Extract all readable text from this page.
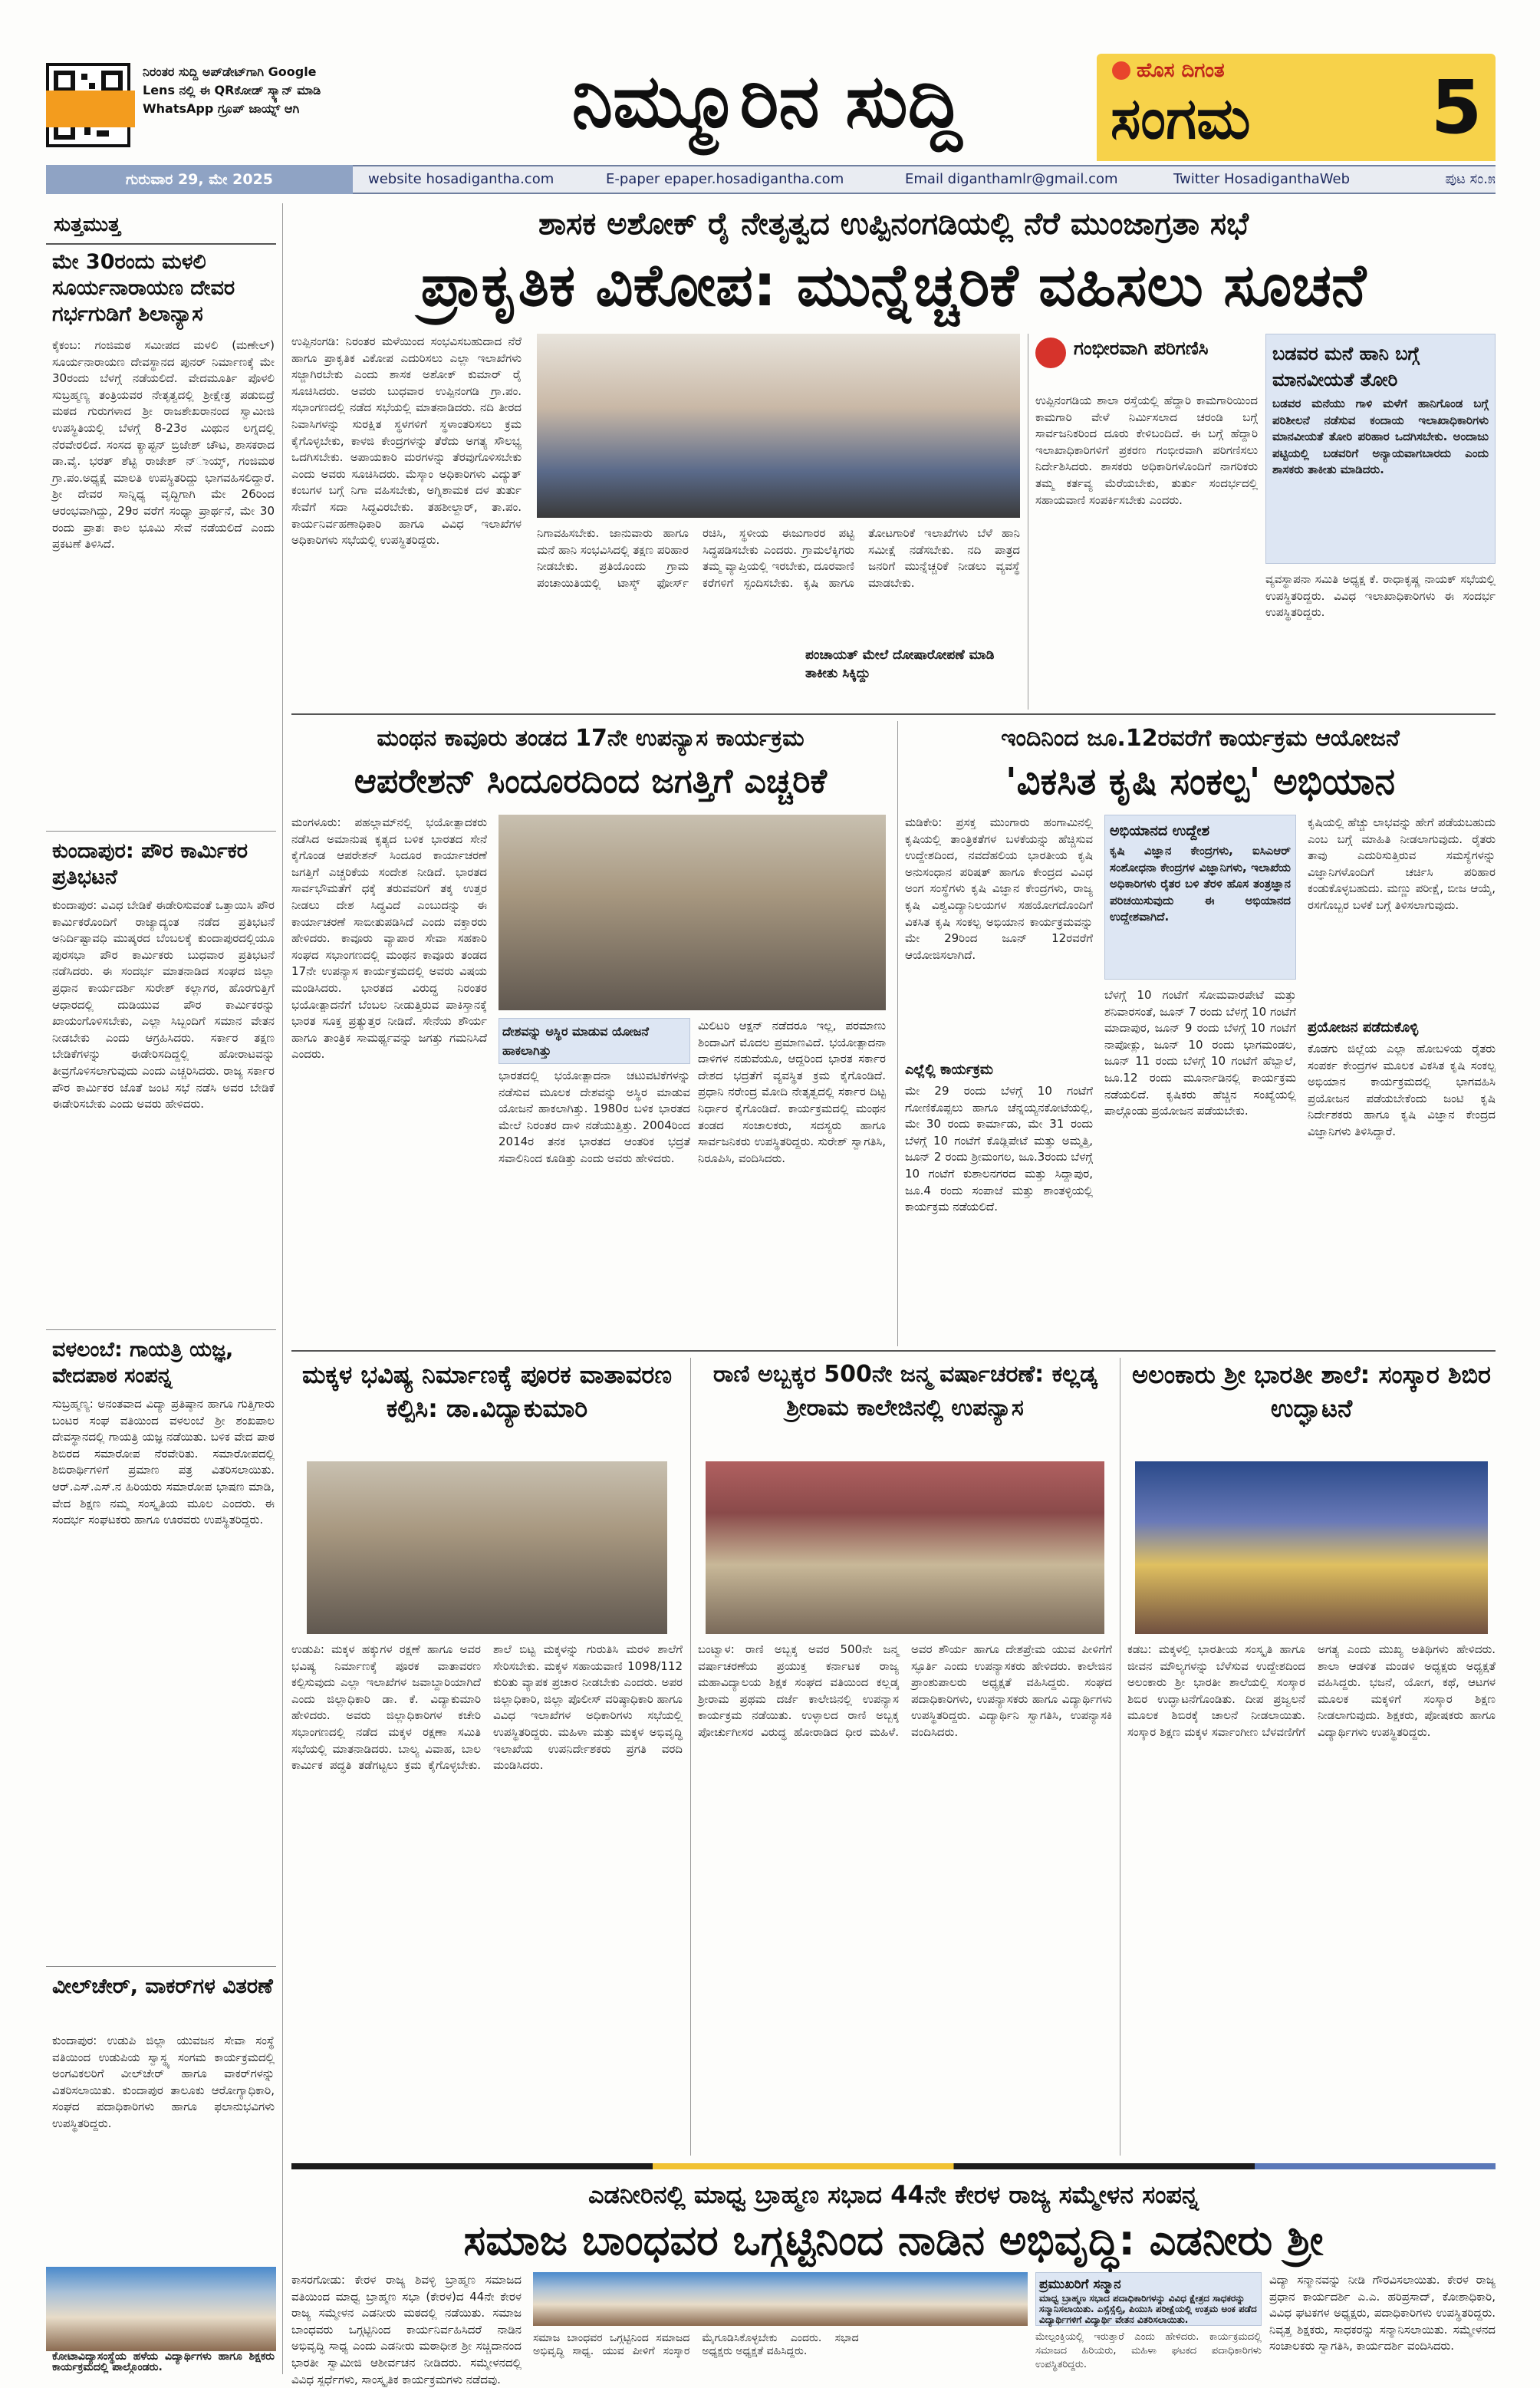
ನಿರಂತರ ಸುದ್ದಿ ಅಪ್‌ಡೇಟ್‌ಗಾಗಿ Google Lens ನಲ್ಲಿ ಈ QRಕೋಡ್ ಸ್ಕ್ಯಾನ್ ಮಾಡಿ WhatsApp ಗ್ರೂಪ್ ಜಾಯ್ನ್ ಆಗಿ	ನಿಮ್ಮೂರಿನ ಸುದ್ದಿ	ಹೊಸ ದಿಗಂತ
ಸಂಗಮ	5
ಗುರುವಾರ 29, ಮೇ 2025	website hosadigantha.com	E-paper epaper.hosadigantha.com	Email diganthamlr@gmail.com	Twitter HosadiganthaWeb	ಪುಟ ಸಂ.೫
ಸುತ್ತಮುತ್ತ
ಮೇ 30ರಂದು ಮಳಲಿ ಸೂರ್ಯನಾರಾಯಣ ದೇವರ ಗರ್ಭಗುಡಿಗೆ ಶಿಲಾನ್ಯಾಸ
ಕೈಕಂಬ: ಗಂಜಿಮಠ ಸಮೀಪದ ಮಳಲಿ (ಮಣೇಲ್) ಸೂರ್ಯನಾರಾಯಣ ದೇವಸ್ಥಾನದ ಪುನರ್ ನಿರ್ಮಾಣಕ್ಕೆ ಮೇ 30ರಂದು ಬೆಳಗ್ಗೆ ನಡೆಯಲಿದೆ. ವೇದಮೂರ್ತಿ ಪೊಳಲಿ ಸುಬ್ರಹ್ಮಣ್ಯ ತಂತ್ರಿಯವರ ನೇತೃತ್ವದಲ್ಲಿ ಶ್ರೀಕ್ಷೇತ್ರ ಪಡುಬಿದ್ರೆ ಮಠದ ಗುರುಗಳಾದ ಶ್ರೀ ರಾಜಶೇಖರಾನಂದ ಸ್ವಾಮೀಜಿ ಉಪಸ್ಥಿತಿಯಲ್ಲಿ ಬೆಳಗ್ಗೆ 8-23ರ ಮಿಥುನ ಲಗ್ನದಲ್ಲಿ ನೆರವೇರಲಿದೆ. ಸಂಸದ ಕ್ಯಾಪ್ಟನ್ ಬ್ರಿಜೇಶ್ ಚೌಟ, ಶಾಸಕರಾದ ಡಾ.ವೈ. ಭರತ್ ಶೆಟ್ಟಿ ರಾಜೇಶ್ ನ್ಾಯ್ಕ್, ಗಂಜಿಮಠ ಗ್ರಾ.ಪಂ.ಅಧ್ಯಕ್ಷೆ ಮಾಲತಿ ಉಪಸ್ಥಿತರಿದ್ದು ಭಾಗವಹಿಸಲಿದ್ದಾರೆ. ಶ್ರೀ ದೇವರ ಸಾನ್ನಿಧ್ಯ ವೃದ್ಧಿಗಾಗಿ ಮೇ 26ರಿಂದ ಆರಂಭವಾಗಿದ್ದು, 29ರ ವರೆಗೆ ಸಂಧ್ಯಾ ಪ್ರಾರ್ಥನೆ, ಮೇ 30 ರಂದು ಪ್ರಾತಃ ಕಾಲ ಭೂಮಿ ಸೇವೆ ನಡೆಯಲಿದೆ ಎಂದು ಪ್ರಕಟಣೆ ತಿಳಿಸಿದೆ.
ಕುಂದಾಪುರ: ಪೌರ ಕಾರ್ಮಿಕರ ಪ್ರತಿಭಟನೆ
ಕುಂದಾಪುರ: ವಿವಿಧ ಬೇಡಿಕೆ ಈಡೇರಿಸುವಂತೆ ಒತ್ತಾಯಿಸಿ ಪೌರ ಕಾರ್ಮಿಕರೊಂದಿಗೆ ರಾಜ್ಯಾದ್ಯಂತ ನಡೆದ ಪ್ರತಿಭಟನೆ ಅನಿರ್ದಿಷ್ಟಾವಧಿ ಮುಷ್ಕರದ ಬೆಂಬಲಕ್ಕೆ ಕುಂದಾಪುರದಲ್ಲಿಯೂ ಪುರಸಭಾ ಪೌರ ಕಾರ್ಮಿಕರು ಬುಧವಾರ ಪ್ರತಿಭಟನೆ ನಡೆಸಿದರು. ಈ ಸಂದರ್ಭ ಮಾತನಾಡಿದ ಸಂಘದ ಜಿಲ್ಲಾ ಪ್ರಧಾನ ಕಾರ್ಯದರ್ಶಿ ಸುರೇಶ್ ಕಲ್ಲಾಗರ, ಹೊರಗುತ್ತಿಗೆ ಆಧಾರದಲ್ಲಿ ದುಡಿಯುವ ಪೌರ ಕಾರ್ಮಿಕರನ್ನು ಖಾಯಂಗೊಳಿಸಬೇಕು, ಎಲ್ಲಾ ಸಿಬ್ಬಂದಿಗೆ ಸಮಾನ ವೇತನ ನೀಡಬೇಕು ಎಂದು ಆಗ್ರಹಿಸಿದರು. ಸರ್ಕಾರ ತಕ್ಷಣ ಬೇಡಿಕೆಗಳನ್ನು ಈಡೇರಿಸದಿದ್ದಲ್ಲಿ ಹೋರಾಟವನ್ನು ತೀವ್ರಗೊಳಿಸಲಾಗುವುದು ಎಂದು ಎಚ್ಚರಿಸಿದರು. ರಾಜ್ಯ ಸರ್ಕಾರ ಪೌರ ಕಾರ್ಮಿಕರ ಜೊತೆ ಜಂಟಿ ಸಭೆ ನಡೆಸಿ ಅವರ ಬೇಡಿಕೆ ಈಡೇರಿಸಬೇಕು ಎಂದು ಅವರು ಹೇಳಿದರು.
ವಳಲಂಬೆ: ಗಾಯತ್ರಿ ಯಜ್ಞ, ವೇದಪಾಠ ಸಂಪನ್ನ
ಸುಬ್ರಹ್ಮಣ್ಯ: ಅನಂತವಾದ ವಿದ್ಯಾ ಪ್ರತಿಷ್ಠಾನ ಹಾಗೂ ಗುತ್ತಿಗಾರು ಬಂಟರ ಸಂಘ ವತಿಯಿಂದ ವಳಲಂಬೆ ಶ್ರೀ ಶಂಖಪಾಲ ದೇವಸ್ಥಾನದಲ್ಲಿ ಗಾಯತ್ರಿ ಯಜ್ಞ ನಡೆಯಿತು. ಬಳಿಕ ವೇದ ಪಾಠ ಶಿಬಿರದ ಸಮಾರೋಪ ನೆರವೇರಿತು. ಸಮಾರೋಪದಲ್ಲಿ ಶಿಬಿರಾರ್ಥಿಗಳಿಗೆ ಪ್ರಮಾಣ ಪತ್ರ ವಿತರಿಸಲಾಯಿತು. ಆರ್.ಎಸ್.ಎಸ್.ನ ಹಿರಿಯರು ಸಮಾರೋಪ ಭಾಷಣ ಮಾಡಿ, ವೇದ ಶಿಕ್ಷಣ ನಮ್ಮ ಸಂಸ್ಕೃತಿಯ ಮೂಲ ಎಂದರು. ಈ ಸಂದರ್ಭ ಸಂಘಟಕರು ಹಾಗೂ ಊರವರು ಉಪಸ್ಥಿತರಿದ್ದರು.
ವೀಲ್‌ಚೇರ್, ವಾಕರ್‌ಗಳ ವಿತರಣೆ
ಕುಂದಾಪುರ: ಉಡುಪಿ ಜಿಲ್ಲಾ ಯುವಜನ ಸೇವಾ ಸಂಸ್ಥೆ ವತಿಯಿಂದ ಉಡುಪಿಯ ಸ್ವಾಸ್ಥ್ಯ ಸಂಗಮ ಕಾರ್ಯಕ್ರಮದಲ್ಲಿ ಅಂಗವಿಕಲರಿಗೆ ವೀಲ್‌ಚೇರ್ ಹಾಗೂ ವಾಕರ್‌ಗಳನ್ನು ವಿತರಿಸಲಾಯಿತು. ಕುಂದಾಪುರ ತಾಲೂಕು ಆರೋಗ್ಯಾಧಿಕಾರಿ, ಸಂಘದ ಪದಾಧಿಕಾರಿಗಳು ಹಾಗೂ ಫಲಾನುಭವಿಗಳು ಉಪಸ್ಥಿತರಿದ್ದರು.
ಕೋಟಾವಿದ್ಯಾಸಂಸ್ಥೆಯ ಹಳೆಯ ವಿದ್ಯಾರ್ಥಿಗಳು ಹಾಗೂ ಶಿಕ್ಷಕರು ಕಾರ್ಯಕ್ರಮದಲ್ಲಿ ಪಾಲ್ಗೊಂಡರು.
ಶಾಸಕ ಅಶೋಕ್ ರೈ ನೇತೃತ್ವದ ಉಪ್ಪಿನಂಗಡಿಯಲ್ಲಿ ನೆರೆ ಮುಂಜಾಗ್ರತಾ ಸಭೆ
ಪ್ರಾಕೃತಿಕ ವಿಕೋಪ: ಮುನ್ನೆಚ್ಚರಿಕೆ ವಹಿಸಲು ಸೂಚನೆ
ಉಪ್ಪಿನಂಗಡಿ: ನಿರಂತರ ಮಳೆಯಿಂದ ಸಂಭವಿಸಬಹುದಾದ ನೆರೆ ಹಾಗೂ ಪ್ರಾಕೃತಿಕ ವಿಕೋಪ ಎದುರಿಸಲು ಎಲ್ಲಾ ಇಲಾಖೆಗಳು ಸಜ್ಜಾಗಿರಬೇಕು ಎಂದು ಶಾಸಕ ಅಶೋಕ್ ಕುಮಾರ್ ರೈ ಸೂಚಿಸಿದರು. ಅವರು ಬುಧವಾರ ಉಪ್ಪಿನಂಗಡಿ ಗ್ರಾ.ಪಂ. ಸಭಾಂಗಣದಲ್ಲಿ ನಡೆದ ಸಭೆಯಲ್ಲಿ ಮಾತನಾಡಿದರು. ನದಿ ತೀರದ ನಿವಾಸಿಗಳನ್ನು ಸುರಕ್ಷಿತ ಸ್ಥಳಗಳಿಗೆ ಸ್ಥಳಾಂತರಿಸಲು ಕ್ರಮ ಕೈಗೊಳ್ಳಬೇಕು, ಕಾಳಜಿ ಕೇಂದ್ರಗಳನ್ನು ತೆರೆದು ಅಗತ್ಯ ಸೌಲಭ್ಯ ಒದಗಿಸಬೇಕು. ಅಪಾಯಕಾರಿ ಮರಗಳನ್ನು ತೆರವುಗೊಳಿಸಬೇಕು ಎಂದು ಅವರು ಸೂಚಿಸಿದರು. ಮೆಸ್ಕಾಂ ಅಧಿಕಾರಿಗಳು ವಿದ್ಯುತ್ ಕಂಬಗಳ ಬಗ್ಗೆ ನಿಗಾ ವಹಿಸಬೇಕು, ಅಗ್ನಿಶಾಮಕ ದಳ ತುರ್ತು ಸೇವೆಗೆ ಸದಾ ಸಿದ್ಧವಿರಬೇಕು. ತಹಶೀಲ್ದಾರ್, ತಾ.ಪಂ. ಕಾರ್ಯನಿರ್ವಹಣಾಧಿಕಾರಿ ಹಾಗೂ ವಿವಿಧ ಇಲಾಖೆಗಳ ಅಧಿಕಾರಿಗಳು ಸಭೆಯಲ್ಲಿ ಉಪಸ್ಥಿತರಿದ್ದರು.
ನಿಗಾವಹಿಸಬೇಕು. ಜಾನುವಾರು ಹಾಗೂ ಮನೆ ಹಾನಿ ಸಂಭವಿಸಿದಲ್ಲಿ ತಕ್ಷಣ ಪರಿಹಾರ ನೀಡಬೇಕು. ಪ್ರತಿಯೊಂದು ಗ್ರಾಮ ಪಂಚಾಯಿತಿಯಲ್ಲಿ ಟಾಸ್ಕ್ ಫೋರ್ಸ್ ರಚಿಸಿ, ಸ್ಥಳೀಯ ಈಜುಗಾರರ ಪಟ್ಟಿ ಸಿದ್ಧಪಡಿಸಬೇಕು ಎಂದರು. ಗ್ರಾಮಲೆಕ್ಕಿಗರು ತಮ್ಮ ವ್ಯಾಪ್ತಿಯಲ್ಲಿ ಇರಬೇಕು, ದೂರವಾಣಿ ಕರೆಗಳಿಗೆ ಸ್ಪಂದಿಸಬೇಕು. ಕೃಷಿ ಹಾಗೂ ತೋಟಗಾರಿಕೆ ಇಲಾಖೆಗಳು ಬೆಳೆ ಹಾನಿ ಸಮೀಕ್ಷೆ ನಡೆಸಬೇಕು. ನದಿ ಪಾತ್ರದ ಜನರಿಗೆ ಮುನ್ನೆಚ್ಚರಿಕೆ ನೀಡಲು ವ್ಯವಸ್ಥೆ ಮಾಡಬೇಕು.
ಪಂಚಾಯತ್ ಮೇಲೆ ದೋಷಾರೋಪಣೆ ಮಾಡಿ ತಾಕೀತು ಸಿಕ್ಕಿದ್ದು
ಗಂಭೀರವಾಗಿ ಪರಿಗಣಿಸಿ
ಉಪ್ಪಿನಂಗಡಿಯ ಶಾಲಾ ರಸ್ತೆಯಲ್ಲಿ ಹೆದ್ದಾರಿ ಕಾಮಗಾರಿಯಿಂದ ಕಾಮಗಾರಿ ವೇಳೆ ನಿರ್ಮಿಸಲಾದ ಚರಂಡಿ ಬಗ್ಗೆ ಸಾರ್ವಜನಿಕರಿಂದ ದೂರು ಕೇಳಿಬಂದಿದೆ. ಈ ಬಗ್ಗೆ ಹೆದ್ದಾರಿ ಇಲಾಖಾಧಿಕಾರಿಗಳಿಗೆ ಪ್ರಕರಣ ಗಂಭೀರವಾಗಿ ಪರಿಗಣಿಸಲು ನಿರ್ದೇಶಿಸಿದರು. ಶಾಸಕರು ಅಧಿಕಾರಿಗಳೊಂದಿಗೆ ನಾಗರಿಕರು ತಮ್ಮ ಕರ್ತವ್ಯ ಮೆರೆಯಬೇಕು, ತುರ್ತು ಸಂದರ್ಭದಲ್ಲಿ ಸಹಾಯವಾಣಿ ಸಂಪರ್ಕಿಸಬೇಕು ಎಂದರು.
ಬಡವರ ಮನೆ ಹಾನಿ ಬಗ್ಗೆ ಮಾನವೀಯತೆ ತೋರಿ
ಬಡವರ ಮನೆಯು ಗಾಳಿ ಮಳೆಗೆ ಹಾನಿಗೊಂಡ ಬಗ್ಗೆ ಪರಿಶೀಲನೆ ನಡೆಸುವ ಕಂದಾಯ ಇಲಾಖಾಧಿಕಾರಿಗಳು ಮಾನವೀಯತೆ ತೋರಿ ಪರಿಹಾರ ಒದಗಿಸಬೇಕು. ಅಂದಾಜು ಪಟ್ಟಿಯಲ್ಲಿ ಬಡವರಿಗೆ ಅನ್ಯಾಯವಾಗಬಾರದು ಎಂದು ಶಾಸಕರು ತಾಕೀತು ಮಾಡಿದರು.
ವ್ಯವಸ್ಥಾಪನಾ ಸಮಿತಿ ಅಧ್ಯಕ್ಷ ಕೆ. ರಾಧಾಕೃಷ್ಣ ನಾಯಕ್ ಸಭೆಯಲ್ಲಿ ಉಪಸ್ಥಿತರಿದ್ದರು. ವಿವಿಧ ಇಲಾಖಾಧಿಕಾರಿಗಳು ಈ ಸಂದರ್ಭ ಉಪಸ್ಥಿತರಿದ್ದರು.
ಮಂಥನ ಕಾವೂರು ತಂಡದ 17ನೇ ಉಪನ್ಯಾಸ ಕಾರ್ಯಕ್ರಮ
ಆಪರೇಶನ್ ಸಿಂದೂರದಿಂದ ಜಗತ್ತಿಗೆ ಎಚ್ಚರಿಕೆ
ಮಂಗಳೂರು: ಪಹಲ್ಗಾಮ್‌ನಲ್ಲಿ ಭಯೋತ್ಪಾದಕರು ನಡೆಸಿದ ಅಮಾನುಷ ಕೃತ್ಯದ ಬಳಿಕ ಭಾರತದ ಸೇನೆ ಕೈಗೊಂಡ ಆಪರೇಶನ್ ಸಿಂದೂರ ಕಾರ್ಯಾಚರಣೆ ಜಗತ್ತಿಗೆ ಎಚ್ಚರಿಕೆಯ ಸಂದೇಶ ನೀಡಿದೆ. ಭಾರತದ ಸಾರ್ವಭೌಮತೆಗೆ ಧಕ್ಕೆ ತರುವವರಿಗೆ ತಕ್ಕ ಉತ್ತರ ನೀಡಲು ದೇಶ ಸಿದ್ಧವಿದೆ ಎಂಬುದನ್ನು ಈ ಕಾರ್ಯಾಚರಣೆ ಸಾಬೀತುಪಡಿಸಿದೆ ಎಂದು ವಕ್ತಾರರು ಹೇಳಿದರು. ಕಾವೂರು ವ್ಯಾಪಾರ ಸೇವಾ ಸಹಕಾರಿ ಸಂಘದ ಸಭಾಂಗಣದಲ್ಲಿ ಮಂಥನ ಕಾವೂರು ತಂಡದ 17ನೇ ಉಪನ್ಯಾಸ ಕಾರ್ಯಕ್ರಮದಲ್ಲಿ ಅವರು ವಿಷಯ ಮಂಡಿಸಿದರು. ಭಾರತದ ವಿರುದ್ಧ ನಿರಂತರ ಭಯೋತ್ಪಾದನೆಗೆ ಬೆಂಬಲ ನೀಡುತ್ತಿರುವ ಪಾಕಿಸ್ತಾನಕ್ಕೆ ಭಾರತ ಸೂಕ್ತ ಪ್ರತ್ಯುತ್ತರ ನೀಡಿದೆ. ಸೇನೆಯ ಶೌರ್ಯ ಹಾಗೂ ತಾಂತ್ರಿಕ ಸಾಮರ್ಥ್ಯವನ್ನು ಜಗತ್ತು ಗಮನಿಸಿದೆ ಎಂದರು.
ದೇಶವನ್ನು ಅಸ್ಥಿರ ಮಾಡುವ ಯೋಜನೆ ಹಾಕಲಾಗಿತ್ತು
ಭಾರತದಲ್ಲಿ ಭಯೋತ್ಪಾದನಾ ಚಟುವಟಿಕೆಗಳನ್ನು ನಡೆಸುವ ಮೂಲಕ ದೇಶವನ್ನು ಅಸ್ಥಿರ ಮಾಡುವ ಯೋಜನೆ ಹಾಕಲಾಗಿತ್ತು. 1980ರ ಬಳಿಕ ಭಾರತದ ಮೇಲೆ ನಿರಂತರ ದಾಳಿ ನಡೆಯುತ್ತಿತ್ತು. 2004ರಿಂದ 2014ರ ತನಕ ಭಾರತದ ಆಂತರಿಕ ಭದ್ರತೆ ಸವಾಲಿನಿಂದ ಕೂಡಿತ್ತು ಎಂದು ಅವರು ಹೇಳಿದರು.
ಮಿಲಿಟರಿ ಆಕ್ಷನ್ ನಡೆದರೂ ಇಲ್ಲ, ಪರಮಾಣು ಶಿಂದಾವಿಗೆ ಮೊದಲ ಪ್ರಮಾಣವಿದೆ. ಭಯೋತ್ಪಾದನಾ ದಾಳಿಗಳ ನಡುವೆಯೂ, ಆದ್ದರಿಂದ ಭಾರತ ಸರ್ಕಾರ ದೇಶದ ಭದ್ರತೆಗೆ ವ್ಯವಸ್ಥಿತ ಕ್ರಮ ಕೈಗೊಂಡಿದೆ. ಪ್ರಧಾನಿ ನರೇಂದ್ರ ಮೋದಿ ನೇತೃತ್ವದಲ್ಲಿ ಸರ್ಕಾರ ದಿಟ್ಟ ನಿರ್ಧಾರ ಕೈಗೊಂಡಿದೆ. ಕಾರ್ಯಕ್ರಮದಲ್ಲಿ ಮಂಥನ ತಂಡದ ಸಂಚಾಲಕರು, ಸದಸ್ಯರು ಹಾಗೂ ಸಾರ್ವಜನಿಕರು ಉಪಸ್ಥಿತರಿದ್ದರು. ಸುರೇಶ್ ಸ್ವಾಗತಿಸಿ, ನಿರೂಪಿಸಿ, ವಂದಿಸಿದರು.
ಇಂದಿನಿಂದ ಜೂ.12ರವರೆಗೆ ಕಾರ್ಯಕ್ರಮ ಆಯೋಜನೆ
'ವಿಕಸಿತ ಕೃಷಿ ಸಂಕಲ್ಪ' ಅಭಿಯಾನ
ಮಡಿಕೇರಿ: ಪ್ರಸಕ್ತ ಮುಂಗಾರು ಹಂಗಾಮಿನಲ್ಲಿ ಕೃಷಿಯಲ್ಲಿ ತಾಂತ್ರಿಕತೆಗಳ ಬಳಕೆಯನ್ನು ಹೆಚ್ಚಿಸುವ ಉದ್ದೇಶದಿಂದ, ನವದೆಹಲಿಯ ಭಾರತೀಯ ಕೃಷಿ ಅನುಸಂಧಾನ ಪರಿಷತ್ ಹಾಗೂ ಕೇಂದ್ರದ ವಿವಿಧ ಅಂಗ ಸಂಸ್ಥೆಗಳು ಕೃಷಿ ವಿಜ್ಞಾನ ಕೇಂದ್ರಗಳು, ರಾಜ್ಯ ಕೃಷಿ ವಿಶ್ವವಿದ್ಯಾನಿಲಯಗಳ ಸಹಯೋಗದೊಂದಿಗೆ ವಿಕಸಿತ ಕೃಷಿ ಸಂಕಲ್ಪ ಅಭಿಯಾನ ಕಾರ್ಯಕ್ರಮವನ್ನು ಮೇ 29ರಿಂದ ಜೂನ್ 12ರವರೆಗೆ ಆಯೋಜಿಸಲಾಗಿದೆ.
ಎಲ್ಲೆಲ್ಲಿ ಕಾರ್ಯಕ್ರಮ
ಮೇ 29 ರಂದು ಬೆಳಗ್ಗೆ 10 ಗಂಟೆಗೆ ಗೋಣಿಕೊಪ್ಪಲು ಹಾಗೂ ಚೆನ್ನಯ್ಯನಕೋಟೆಯಲ್ಲಿ, ಮೇ 30 ರಂದು ಕಾರ್ಮಾಡು, ಮೇ 31 ರಂದು ಬೆಳಗ್ಗೆ 10 ಗಂಟೆಗೆ ಕೊಡ್ಲಿಪೇಟೆ ಮತ್ತು ಅಮ್ಮತ್ತಿ, ಜೂನ್ 2 ರಂದು ಶ್ರೀಮಂಗಲ, ಜೂ.3ರಂದು ಬೆಳಗ್ಗೆ 10 ಗಂಟೆಗೆ ಕುಶಾಲನಗರದ ಮತ್ತು ಸಿದ್ದಾಪುರ, ಜೂ.4 ರಂದು ಸಂಪಾಜೆ ಮತ್ತು ಶಾಂತಳ್ಳಿಯಲ್ಲಿ ಕಾರ್ಯಕ್ರಮ ನಡೆಯಲಿದೆ.
ಅಭಿಯಾನದ ಉದ್ದೇಶ
ಕೃಷಿ ವಿಜ್ಞಾನ ಕೇಂದ್ರಗಳು, ಐಸಿಎಆರ್ ಸಂಶೋಧನಾ ಕೇಂದ್ರಗಳ ವಿಜ್ಞಾನಿಗಳು, ಇಲಾಖೆಯ ಅಧಿಕಾರಿಗಳು ರೈತರ ಬಳಿ ತೆರಳಿ ಹೊಸ ತಂತ್ರಜ್ಞಾನ ಪರಿಚಯಿಸುವುದು ಈ ಅಭಿಯಾನದ ಉದ್ದೇಶವಾಗಿದೆ.
ಬೆಳಗ್ಗೆ 10 ಗಂಟೆಗೆ ಸೋಮವಾರಪೇಟೆ ಮತ್ತು ಶನಿವಾರಸಂತೆ, ಜೂನ್ 7 ರಂದು ಬೆಳಗ್ಗೆ 10 ಗಂಟೆಗೆ ಮಾದಾಪುರ, ಜೂನ್ 9 ರಂದು ಬೆಳಗ್ಗೆ 10 ಗಂಟೆಗೆ ನಾಪೋಕ್ಲು, ಜೂನ್ 10 ರಂದು ಭಾಗಮಂಡಲ, ಜೂನ್ 11 ರಂದು ಬೆಳಗ್ಗೆ 10 ಗಂಟೆಗೆ ಹೆಬ್ಬಾಲೆ, ಜೂ.12 ರಂದು ಮೂರ್ನಾಡಿನಲ್ಲಿ ಕಾರ್ಯಕ್ರಮ ನಡೆಯಲಿದೆ. ಕೃಷಿಕರು ಹೆಚ್ಚಿನ ಸಂಖ್ಯೆಯಲ್ಲಿ ಪಾಲ್ಗೊಂಡು ಪ್ರಯೋಜನ ಪಡೆಯಬೇಕು.
ಕೃಷಿಯಲ್ಲಿ ಹೆಚ್ಚು ಲಾಭವನ್ನು ಹೇಗೆ ಪಡೆಯಬಹುದು ಎಂಬ ಬಗ್ಗೆ ಮಾಹಿತಿ ನೀಡಲಾಗುವುದು. ರೈತರು ತಾವು ಎದುರಿಸುತ್ತಿರುವ ಸಮಸ್ಯೆಗಳನ್ನು ವಿಜ್ಞಾನಿಗಳೊಂದಿಗೆ ಚರ್ಚಿಸಿ ಪರಿಹಾರ ಕಂಡುಕೊಳ್ಳಬಹುದು. ಮಣ್ಣು ಪರೀಕ್ಷೆ, ಬೀಜ ಆಯ್ಕೆ, ರಸಗೊಬ್ಬರ ಬಳಕೆ ಬಗ್ಗೆ ತಿಳಿಸಲಾಗುವುದು.
ಪ್ರಯೋಜನ ಪಡೆದುಕೊಳ್ಳಿ
ಕೊಡಗು ಜಿಲ್ಲೆಯ ಎಲ್ಲಾ ಹೋಬಳಿಯ ರೈತರು ಸಂಪರ್ಕ ಕೇಂದ್ರಗಳ ಮೂಲಕ ವಿಕಸಿತ ಕೃಷಿ ಸಂಕಲ್ಪ ಅಭಿಯಾನ ಕಾರ್ಯಕ್ರಮದಲ್ಲಿ ಭಾಗವಹಿಸಿ ಪ್ರಯೋಜನ ಪಡೆಯಬೇಕೆಂದು ಜಂಟಿ ಕೃಷಿ ನಿರ್ದೇಶಕರು ಹಾಗೂ ಕೃಷಿ ವಿಜ್ಞಾನ ಕೇಂದ್ರದ ವಿಜ್ಞಾನಿಗಳು ತಿಳಿಸಿದ್ದಾರೆ.
ಮಕ್ಕಳ ಭವಿಷ್ಯ ನಿರ್ಮಾಣಕ್ಕೆ ಪೂರಕ ವಾತಾವರಣ ಕಲ್ಪಿಸಿ: ಡಾ.ವಿದ್ಯಾಕುಮಾರಿ
ಉಡುಪಿ: ಮಕ್ಕಳ ಹಕ್ಕುಗಳ ರಕ್ಷಣೆ ಹಾಗೂ ಅವರ ಭವಿಷ್ಯ ನಿರ್ಮಾಣಕ್ಕೆ ಪೂರಕ ವಾತಾವರಣ ಕಲ್ಪಿಸುವುದು ಎಲ್ಲಾ ಇಲಾಖೆಗಳ ಜವಾಬ್ದಾರಿಯಾಗಿದೆ ಎಂದು ಜಿಲ್ಲಾಧಿಕಾರಿ ಡಾ. ಕೆ. ವಿದ್ಯಾಕುಮಾರಿ ಹೇಳಿದರು. ಅವರು ಜಿಲ್ಲಾಧಿಕಾರಿಗಳ ಕಚೇರಿ ಸಭಾಂಗಣದಲ್ಲಿ ನಡೆದ ಮಕ್ಕಳ ರಕ್ಷಣಾ ಸಮಿತಿ ಸಭೆಯಲ್ಲಿ ಮಾತನಾಡಿದರು. ಬಾಲ್ಯ ವಿವಾಹ, ಬಾಲ ಕಾರ್ಮಿಕ ಪದ್ಧತಿ ತಡೆಗಟ್ಟಲು ಕ್ರಮ ಕೈಗೊಳ್ಳಬೇಕು. ಶಾಲೆ ಬಿಟ್ಟ ಮಕ್ಕಳನ್ನು ಗುರುತಿಸಿ ಮರಳಿ ಶಾಲೆಗೆ ಸೇರಿಸಬೇಕು. ಮಕ್ಕಳ ಸಹಾಯವಾಣಿ 1098/112 ಕುರಿತು ವ್ಯಾಪಕ ಪ್ರಚಾರ ನೀಡಬೇಕು ಎಂದರು. ಅಪರ ಜಿಲ್ಲಾಧಿಕಾರಿ, ಜಿಲ್ಲಾ ಪೊಲೀಸ್ ವರಿಷ್ಠಾಧಿಕಾರಿ ಹಾಗೂ ವಿವಿಧ ಇಲಾಖೆಗಳ ಅಧಿಕಾರಿಗಳು ಸಭೆಯಲ್ಲಿ ಉಪಸ್ಥಿತರಿದ್ದರು. ಮಹಿಳಾ ಮತ್ತು ಮಕ್ಕಳ ಅಭಿವೃದ್ಧಿ ಇಲಾಖೆಯ ಉಪನಿರ್ದೇಶಕರು ಪ್ರಗತಿ ವರದಿ ಮಂಡಿಸಿದರು.
ರಾಣಿ ಅಬ್ಬಕ್ಕರ 500ನೇ ಜನ್ಮ ವರ್ಷಾಚರಣೆ: ಕಲ್ಲಡ್ಕ ಶ್ರೀರಾಮ ಕಾಲೇಜಿನಲ್ಲಿ ಉಪನ್ಯಾಸ
ಬಂಟ್ವಾಳ: ರಾಣಿ ಅಬ್ಬಕ್ಕ ಅವರ 500ನೇ ಜನ್ಮ ವರ್ಷಾಚರಣೆಯ ಪ್ರಯುಕ್ತ ಕರ್ನಾಟಕ ರಾಜ್ಯ ಮಹಾವಿದ್ಯಾಲಯ ಶಿಕ್ಷಕ ಸಂಘದ ವತಿಯಿಂದ ಕಲ್ಲಡ್ಕ ಶ್ರೀರಾಮ ಪ್ರಥಮ ದರ್ಜೆ ಕಾಲೇಜಿನಲ್ಲಿ ಉಪನ್ಯಾಸ ಕಾರ್ಯಕ್ರಮ ನಡೆಯಿತು. ಉಳ್ಳಾಲದ ರಾಣಿ ಅಬ್ಬಕ್ಕ ಪೋರ್ಚುಗೀಸರ ವಿರುದ್ಧ ಹೋರಾಡಿದ ಧೀರ ಮಹಿಳೆ. ಅವರ ಶೌರ್ಯ ಹಾಗೂ ದೇಶಪ್ರೇಮ ಯುವ ಪೀಳಿಗೆಗೆ ಸ್ಫೂರ್ತಿ ಎಂದು ಉಪನ್ಯಾಸಕರು ಹೇಳಿದರು. ಕಾಲೇಜಿನ ಪ್ರಾಂಶುಪಾಲರು ಅಧ್ಯಕ್ಷತೆ ವಹಿಸಿದ್ದರು. ಸಂಘದ ಪದಾಧಿಕಾರಿಗಳು, ಉಪನ್ಯಾಸಕರು ಹಾಗೂ ವಿದ್ಯಾರ್ಥಿಗಳು ಉಪಸ್ಥಿತರಿದ್ದರು. ವಿದ್ಯಾರ್ಥಿನಿ ಸ್ವಾಗತಿಸಿ, ಉಪನ್ಯಾಸಕಿ ವಂದಿಸಿದರು.
ಅಲಂಕಾರು ಶ್ರೀ ಭಾರತೀ ಶಾಲೆ: ಸಂಸ್ಕಾರ ಶಿಬಿರ ಉದ್ಘಾಟನೆ
ಕಡಬ: ಮಕ್ಕಳಲ್ಲಿ ಭಾರತೀಯ ಸಂಸ್ಕೃತಿ ಹಾಗೂ ಜೀವನ ಮೌಲ್ಯಗಳನ್ನು ಬೆಳೆಸುವ ಉದ್ದೇಶದಿಂದ ಅಲಂಕಾರು ಶ್ರೀ ಭಾರತೀ ಶಾಲೆಯಲ್ಲಿ ಸಂಸ್ಕಾರ ಶಿಬಿರ ಉದ್ಘಾಟನೆಗೊಂಡಿತು. ದೀಪ ಪ್ರಜ್ವಲನೆ ಮೂಲಕ ಶಿಬಿರಕ್ಕೆ ಚಾಲನೆ ನೀಡಲಾಯಿತು. ಸಂಸ್ಕಾರ ಶಿಕ್ಷಣ ಮಕ್ಕಳ ಸರ್ವಾಂಗೀಣ ಬೆಳವಣಿಗೆಗೆ ಅಗತ್ಯ ಎಂದು ಮುಖ್ಯ ಅತಿಥಿಗಳು ಹೇಳಿದರು. ಶಾಲಾ ಆಡಳಿತ ಮಂಡಳಿ ಅಧ್ಯಕ್ಷರು ಅಧ್ಯಕ್ಷತೆ ವಹಿಸಿದ್ದರು. ಭಜನೆ, ಯೋಗ, ಕಥೆ, ಆಟಗಳ ಮೂಲಕ ಮಕ್ಕಳಿಗೆ ಸಂಸ್ಕಾರ ಶಿಕ್ಷಣ ನೀಡಲಾಗುವುದು. ಶಿಕ್ಷಕರು, ಪೋಷಕರು ಹಾಗೂ ವಿದ್ಯಾರ್ಥಿಗಳು ಉಪಸ್ಥಿತರಿದ್ದರು.
ಎಡನೀರಿನಲ್ಲಿ ಮಾಧ್ವ ಬ್ರಾಹ್ಮಣ ಸಭಾದ 44ನೇ ಕೇರಳ ರಾಜ್ಯ ಸಮ್ಮೇಳನ ಸಂಪನ್ನ
ಸಮಾಜ ಬಾಂಧವರ ಒಗ್ಗಟ್ಟಿನಿಂದ ನಾಡಿನ ಅಭಿವೃದ್ಧಿ: ಎಡನೀರು ಶ್ರೀ
ಕಾಸರಗೋಡು: ಕೇರಳ ರಾಜ್ಯ ಶಿವಳ್ಳಿ ಬ್ರಾಹ್ಮಣ ಸಮಾಜದ ವತಿಯಿಂದ ಮಾಧ್ವ ಬ್ರಾಹ್ಮಣ ಸಭಾ (ಕೇರಳ)ದ 44ನೇ ಕೇರಳ ರಾಜ್ಯ ಸಮ್ಮೇಳನ ಎಡನೀರು ಮಠದಲ್ಲಿ ನಡೆಯಿತು. ಸಮಾಜ ಬಾಂಧವರು ಒಗ್ಗಟ್ಟಿನಿಂದ ಕಾರ್ಯನಿರ್ವಹಿಸಿದರೆ ನಾಡಿನ ಅಭಿವೃದ್ಧಿ ಸಾಧ್ಯ ಎಂದು ಎಡನೀರು ಮಠಾಧೀಶ ಶ್ರೀ ಸಚ್ಚಿದಾನಂದ ಭಾರತೀ ಸ್ವಾಮೀಜಿ ಆಶೀರ್ವಚನ ನೀಡಿದರು. ಸಮ್ಮೇಳನದಲ್ಲಿ ವಿವಿಧ ಸ್ಪರ್ಧೆಗಳು, ಸಾಂಸ್ಕೃತಿಕ ಕಾರ್ಯಕ್ರಮಗಳು ನಡೆದವು.
ಸಮಾಜ ಬಾಂಧವರ ಒಗ್ಗಟ್ಟಿನಿಂದ ಸಮಾಜದ ಅಭಿವೃದ್ಧಿ ಸಾಧ್ಯ. ಯುವ ಪೀಳಿಗೆ ಸಂಸ್ಕಾರ ಮೈಗೂಡಿಸಿಕೊಳ್ಳಬೇಕು ಎಂದರು. ಸಭಾದ ಅಧ್ಯಕ್ಷರು ಅಧ್ಯಕ್ಷತೆ ವಹಿಸಿದ್ದರು.
ಪ್ರಮುಖರಿಗೆ ಸನ್ಮಾನ
ಮಾಧ್ವ ಬ್ರಾಹ್ಮಣ ಸಭಾದ ಪದಾಧಿಕಾರಿಗಳನ್ನು ವಿವಿಧ ಕ್ಷೇತ್ರದ ಸಾಧಕರನ್ನು ಸನ್ಮಾನಿಸಲಾಯಿತು. ಎಸ್ಸೆಸ್ಸೆಲ್ಸಿ, ಪಿಯುಸಿ ಪರೀಕ್ಷೆಯಲ್ಲಿ ಉತ್ತಮ ಅಂಕ ಪಡೆದ ವಿದ್ಯಾರ್ಥಿಗಳಿಗೆ ವಿದ್ಯಾರ್ಥಿ ವೇತನ ವಿತರಿಸಲಾಯಿತು.
ಮೇಲ್ಪಂಕ್ತಿಯಲ್ಲಿ ಇರುತ್ತಾರೆ ಎಂದು ಹೇಳಿದರು. ಕಾರ್ಯಕ್ರಮದಲ್ಲಿ ಸಮಾಜದ ಹಿರಿಯರು, ಮಹಿಳಾ ಘಟಕದ ಪದಾಧಿಕಾರಿಗಳು ಉಪಸ್ಥಿತರಿದ್ದರು.
ವಿದ್ಯಾ ಸನ್ಮಾನವನ್ನು ನೀಡಿ ಗೌರವಿಸಲಾಯಿತು. ಕೇರಳ ರಾಜ್ಯ ಪ್ರಧಾನ ಕಾರ್ಯದರ್ಶಿ ಎ.ಎ. ಹರಿಪ್ರಸಾದ್, ಕೋಶಾಧಿಕಾರಿ, ವಿವಿಧ ಘಟಕಗಳ ಅಧ್ಯಕ್ಷರು, ಪದಾಧಿಕಾರಿಗಳು ಉಪಸ್ಥಿತರಿದ್ದರು. ನಿವೃತ್ತ ಶಿಕ್ಷಕರು, ಸಾಧಕರನ್ನು ಸನ್ಮಾನಿಸಲಾಯಿತು. ಸಮ್ಮೇಳನದ ಸಂಚಾಲಕರು ಸ್ವಾಗತಿಸಿ, ಕಾರ್ಯದರ್ಶಿ ವಂದಿಸಿದರು.
